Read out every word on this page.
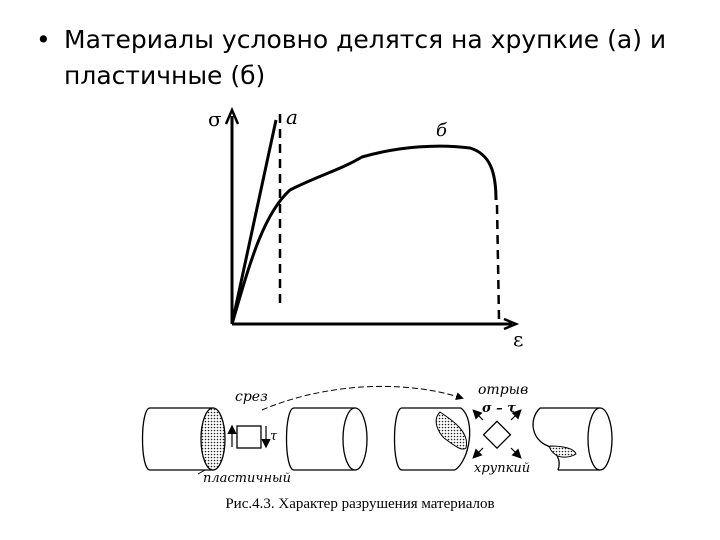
• Материалы условно делятся на хрупкие (а) и пластичные (б)
σ
ε
а
б
τ
срез
пластичный
отрыв
σ – τ
хрупкий
Рис.4.3. Характер разрушения материалов
